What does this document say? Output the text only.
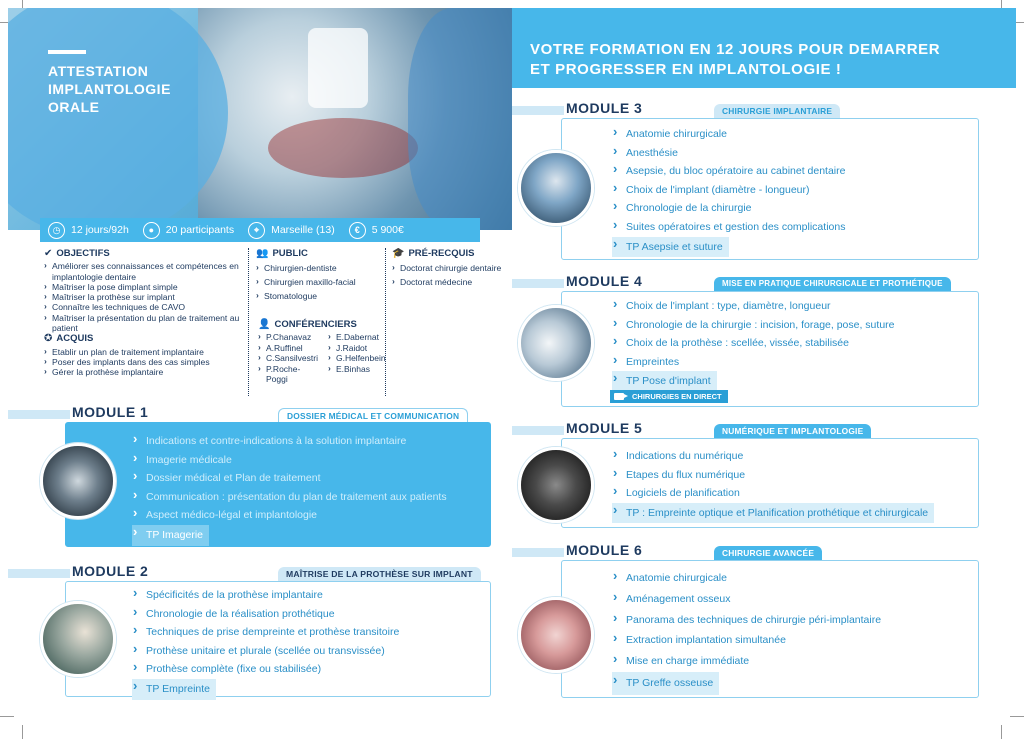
ATTESTATION
IMPLANTOLOGIE
ORALE
◷	12 jours/92h	●	20 participants	⌖	Marseille (13)	€	5 900€
✔ OBJECTIFS
› Améliorer ses connaissances et compétences en implantologie dentaire
› Maîtriser la pose dimplant simple
› Maîtriser la prothèse sur implant
› Connaître les techniques de CAVO
› Maîtriser la présentation du plan de traitement au patient
✪ ACQUIS
› Etablir un plan de traitement implantaire
› Poser des implants dans des cas simples
› Gérer la prothèse implantaire
👥 PUBLIC
› Chirurgien-dentiste
› Chirurgien maxillo-facial
› Stomatologue
🎓 PRÉ-RECQUIS
› Doctorat chirurgie dentaire
› Doctorat médecine
👤 CONFÉRENCIERS
› P.Chanavaz
› A.Ruffinel
› C.Sansilvestri
› P.Roche-Poggi
› E.Dabernat
› J.Raidot
› G.Helfenbein
› E.Binhas
MODULE 1	DOSSIER MÉDICAL ET COMMUNICATION
› Indications et contre-indications à la solution implantaire
› Imagerie médicale
› Dossier médical et Plan de traitement
› Communication : présentation du plan de traitement aux patients
› Aspect médico-légal et implantologie
› TP Imagerie
MODULE 2	MAÎTRISE DE LA PROTHÈSE SUR IMPLANT
› Spécificités de la prothèse implantaire
› Chronologie de la réalisation prothétique
› Techniques de prise dempreinte et prothèse transitoire
› Prothèse unitaire et plurale (scellée ou transvissée)
› Prothèse complète (fixe ou stabilisée)
› TP Empreinte
VOTRE FORMATION EN 12 JOURS POUR DEMARRER
ET PROGRESSER EN IMPLANTOLOGIE !
MODULE 3	CHIRURGIE IMPLANTAIRE
› Anatomie chirurgicale
› Anesthésie
› Asepsie, du bloc opératoire au cabinet dentaire
› Choix de l'implant (diamètre - longueur)
› Chronologie de la chirurgie
› Suites opératoires et gestion des complications
› TP Asepsie et suture
MODULE 4	MISE EN PRATIQUE CHIRURGICALE ET PROTHÉTIQUE
› Choix de l'implant : type, diamètre, longueur
› Chronologie de la chirurgie : incision, forage, pose, suture
› Choix de la prothèse : scellée, vissée, stabilisée
› Empreintes
› TP Pose d'implant
CHIRURGIES EN DIRECT
MODULE 5	NUMÉRIQUE ET IMPLANTOLOGIE
› Indications du numérique
› Etapes du flux numérique
› Logiciels de planification
› TP : Empreinte optique et Planification prothétique et chirurgicale
MODULE 6	CHIRURGIE AVANCÉE
› Anatomie chirurgicale
› Aménagement osseux
› Panorama des techniques de chirurgie péri-implantaire
› Extraction implantation simultanée
› Mise en charge immédiate
› TP Greffe osseuse
